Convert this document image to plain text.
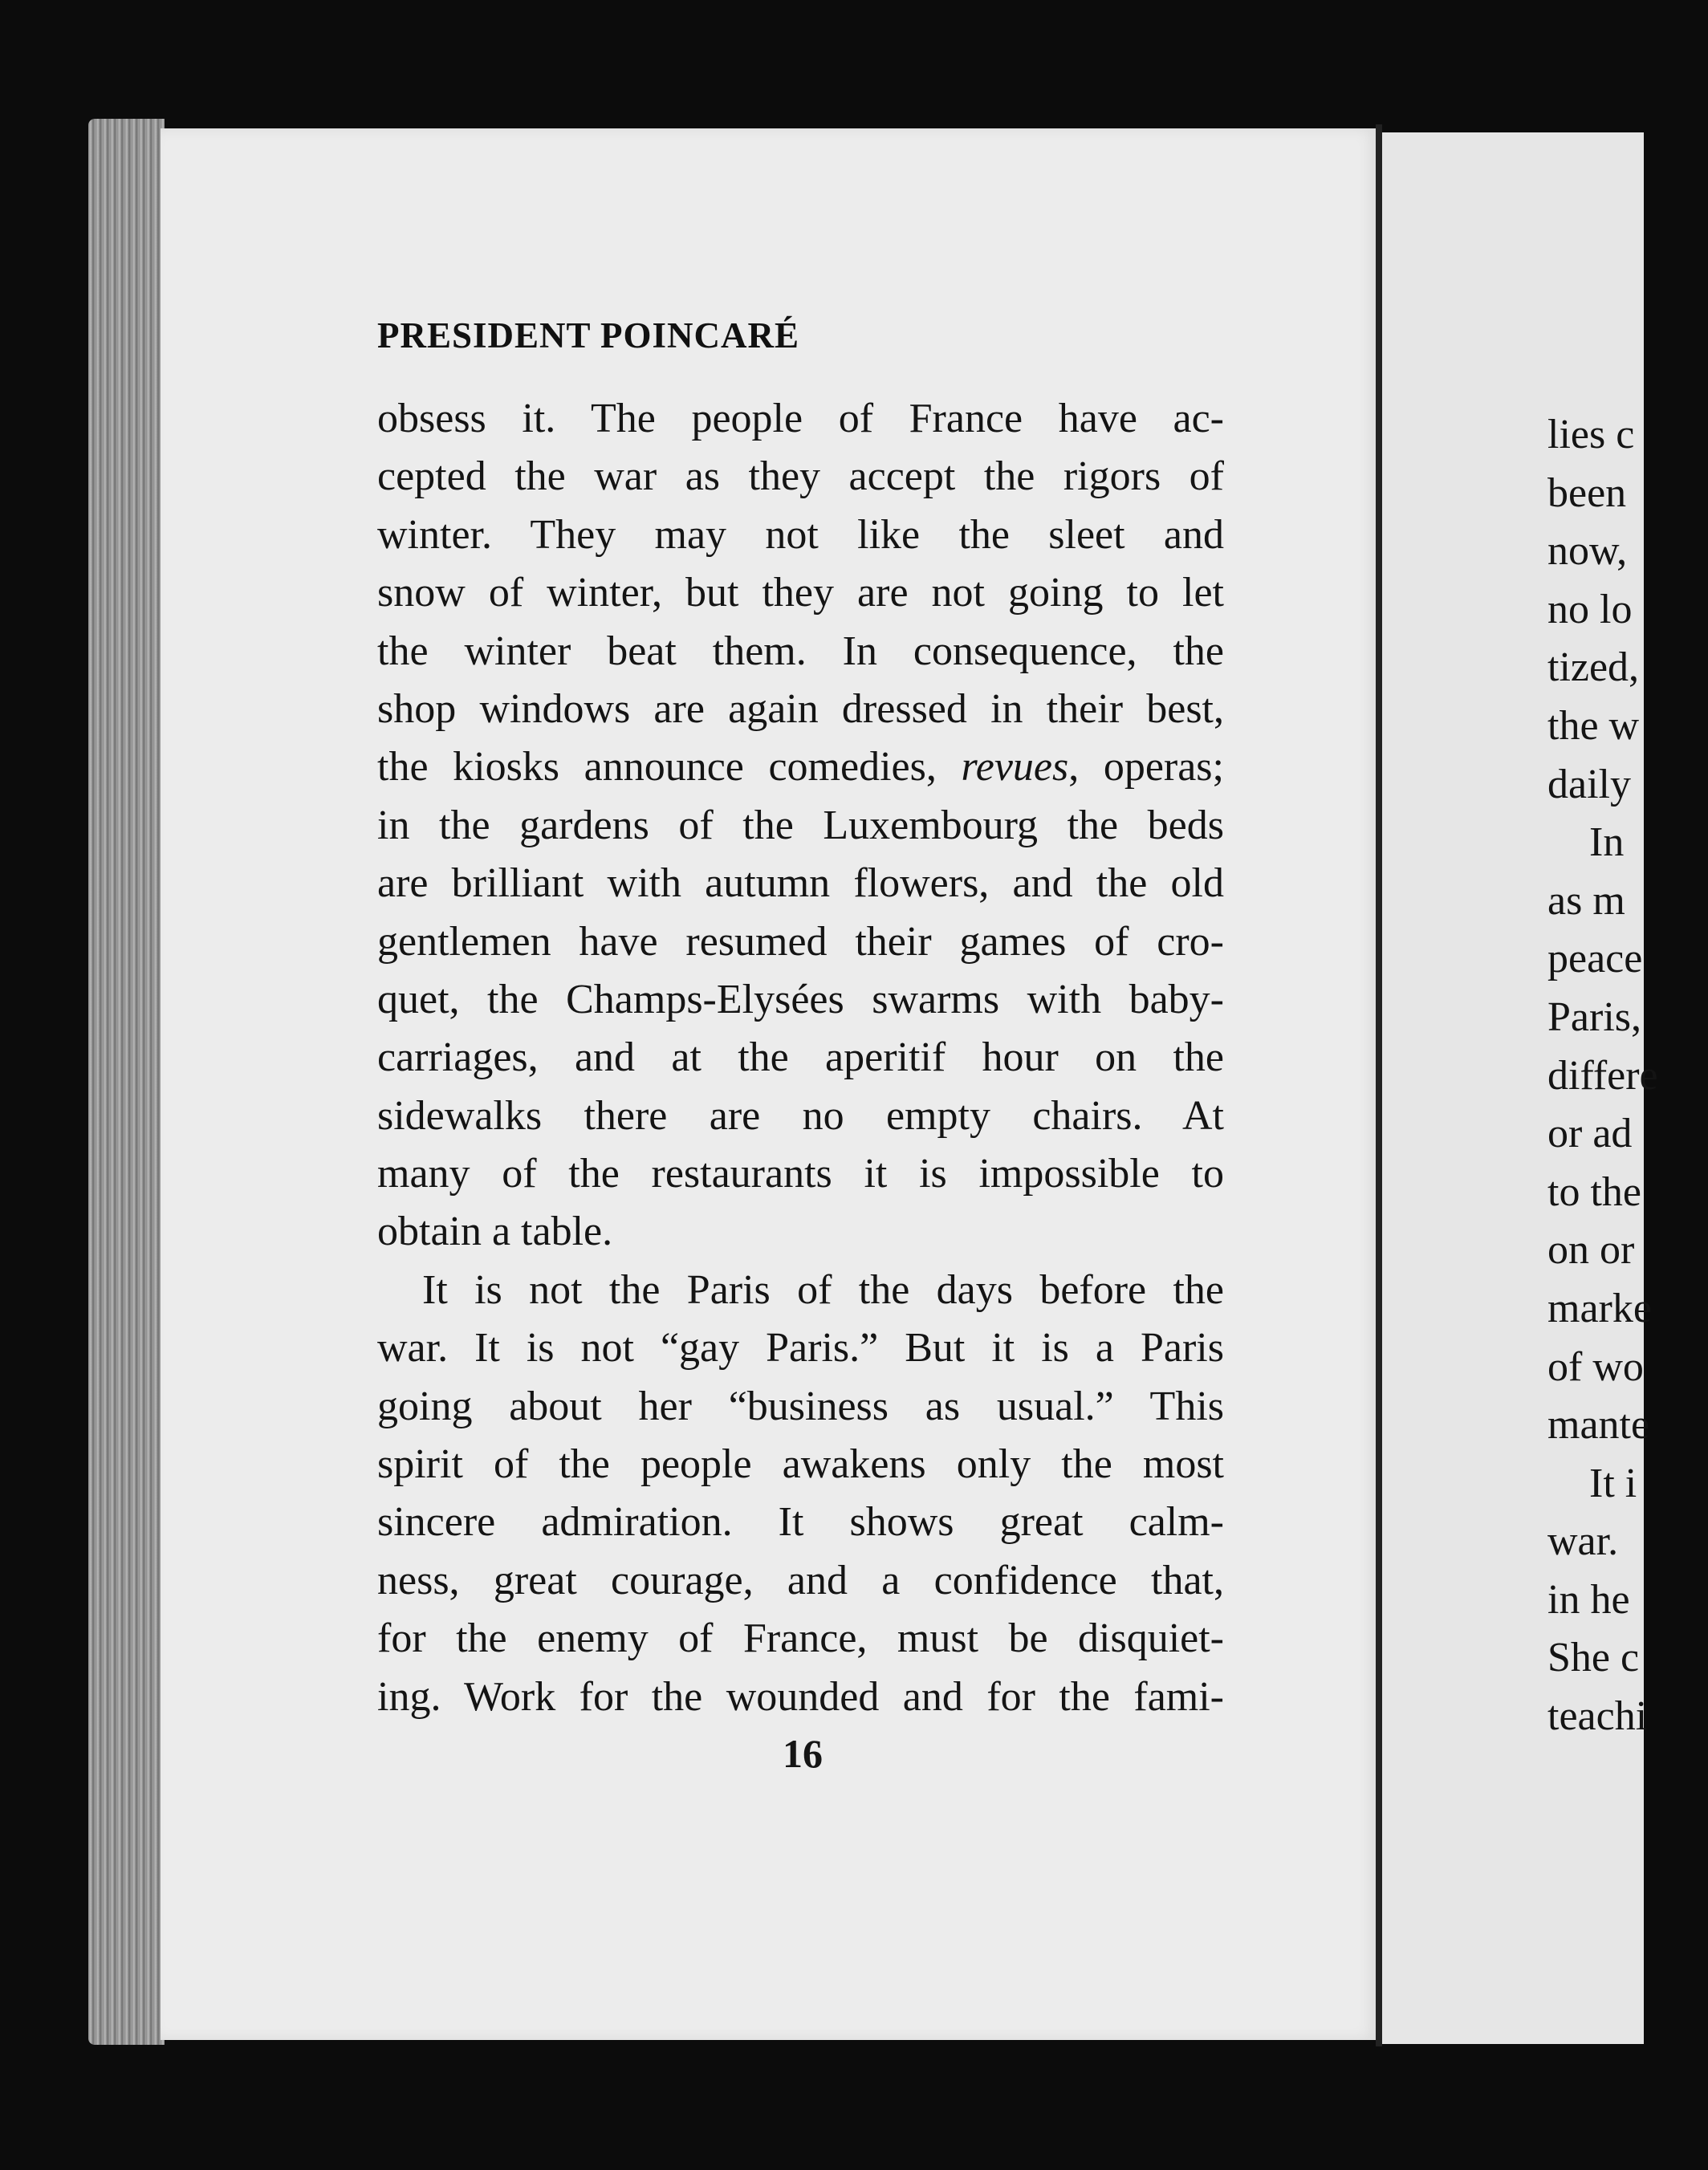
PRESIDENT POINCARÉ
obsess it. The people of France have ac-
cepted the war as they accept the rigors of
winter. They may not like the sleet and
snow of winter, but they are not going to let
the winter beat them. In consequence, the
shop windows are again dressed in their best,
the kiosks announce comedies, revues, operas;
in the gardens of the Luxembourg the beds
are brilliant with autumn flowers, and the old
gentlemen have resumed their games of cro-
quet, the Champs-Elysées swarms with baby-
carriages, and at the aperitif hour on the
sidewalks there are no empty chairs. At
many of the restaurants it is impossible to
obtain a table.
It is not the Paris of the days before the
war. It is not “gay Paris.” But it is a Paris
going about her “business as usual.” This
spirit of the people awakens only the most
sincere admiration. It shows great calm-
ness, great courage, and a confidence that,
for the enemy of France, must be disquiet-
ing. Work for the wounded and for the fami-
16
lies c
been
now,
no lo
tized,
the w
daily
In
as m
peace
Paris,
differe
or ad
to the
on or
marke
of wo
mante
It i
war.
in he
She c
teachi
